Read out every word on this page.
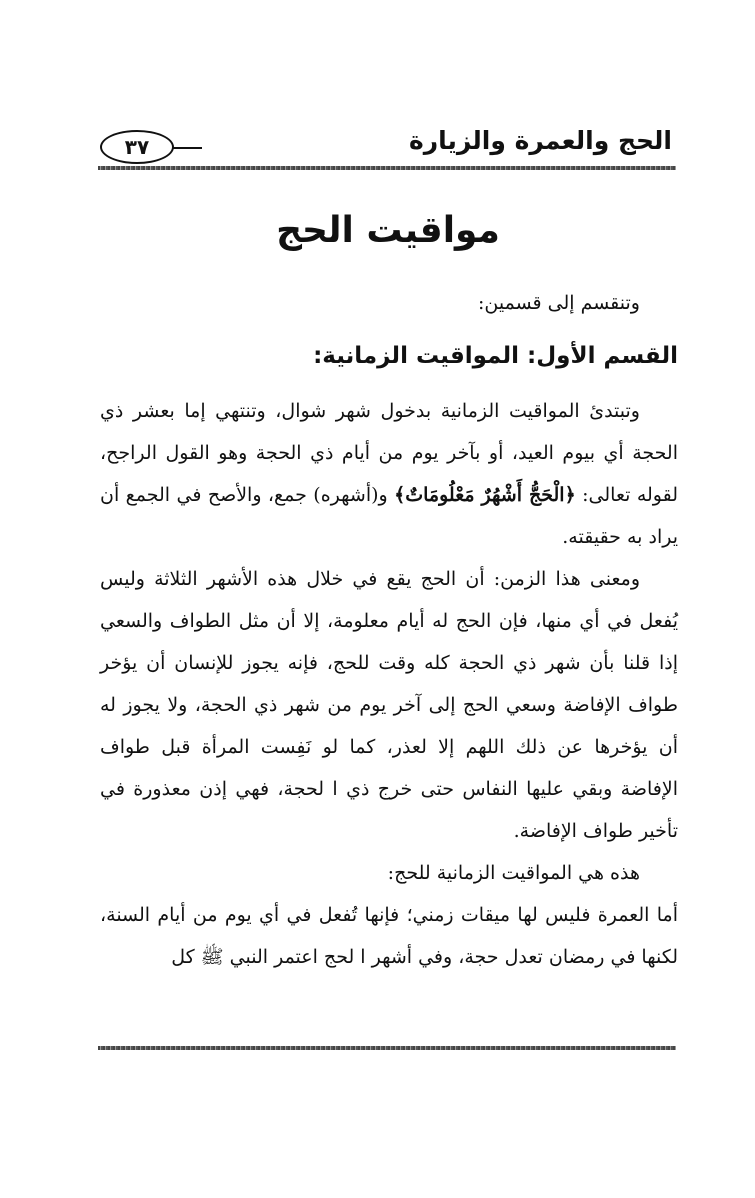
الحج والعمرة والزيارة
٣٧
مواقيت الحج

وتنقسم إلى قسمين:

القسم الأول: المواقيت الزمانية:

وتبتدئ المواقيت الزمانية بدخول شهر شوال، وتنتهي إما بعشر ذي الحجة أي بيوم العيد، أو بآخر يوم من أيام ذي الحجة وهو القول الراجح، لقوله تعالى: ﴿الْحَجُّ أَشْهُرٌ مَعْلُومَاتٌ﴾ و(أشهره) جمع، والأصح في الجمع أن يراد به حقيقته.

ومعنى هذا الزمن: أن الحج يقع في خلال هذه الأشهر الثلاثة وليس يُفعل في أي منها، فإن الحج له أيام معلومة، إلا أن مثل الطواف والسعي إذا قلنا بأن شهر ذي الحجة كله وقت للحج، فإنه يجوز للإنسان أن يؤخر طواف الإفاضة وسعي الحج إلى آخر يوم من شهر ذي الحجة، ولا يجوز له أن يؤخرها عن ذلك اللهم إلا لعذر، كما لو نَفِست المرأة قبل طواف الإفاضة وبقي عليها النفاس حتى خرج ذي ا لحجة، فهي إذن معذورة في تأخير طواف الإفاضة.

هذه هي المواقيت الزمانية للحج:

أما العمرة فليس لها ميقات زمني؛ فإنها تُفعل في أي يوم من أيام السنة، لكنها في رمضان تعدل حجة، وفي أشهر ا لحج اعتمر النبي ﷺ كل
